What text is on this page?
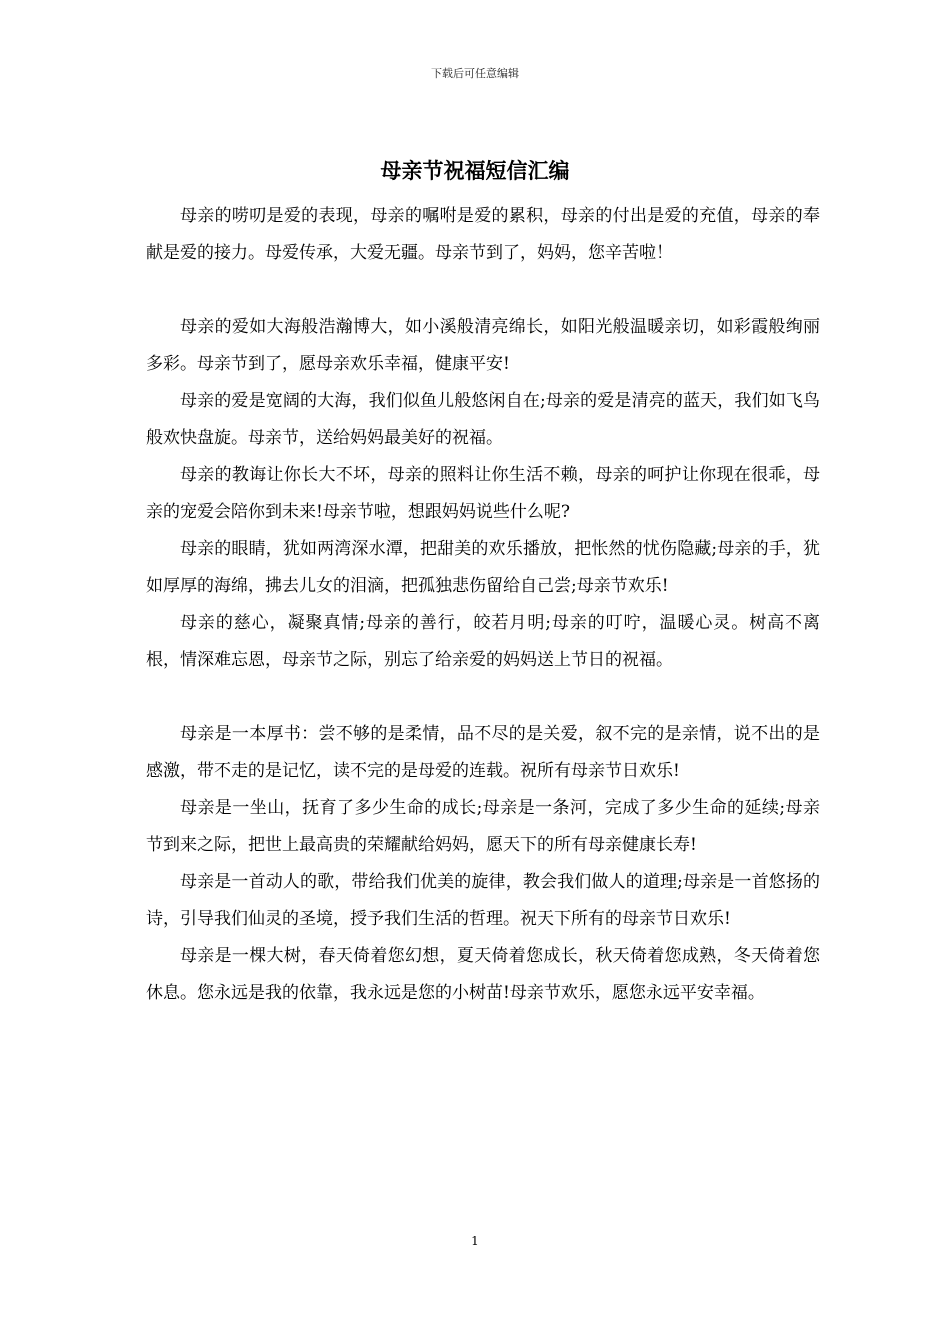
下载后可任意编辑
母亲节祝福短信汇编

母亲的唠叨是爱的表现，母亲的嘱咐是爱的累积，母亲的付出是爱的充值，母亲的奉献是爱的接力。母爱传承，大爱无疆。母亲节到了，妈妈，您辛苦啦！

母亲的爱如大海般浩瀚博大，如小溪般清亮绵长，如阳光般温暖亲切，如彩霞般绚丽多彩。母亲节到了，愿母亲欢乐幸福，健康平安!

母亲的爱是宽阔的大海，我们似鱼儿般悠闲自在;母亲的爱是清亮的蓝天，我们如飞鸟般欢快盘旋。母亲节，送给妈妈最美好的祝福。

母亲的教诲让你长大不坏，母亲的照料让你生活不赖，母亲的呵护让你现在很乖，母亲的宠爱会陪你到未来!母亲节啦，想跟妈妈说些什么呢?

母亲的眼睛，犹如两湾深水潭，把甜美的欢乐播放，把怅然的忧伤隐藏;母亲的手，犹如厚厚的海绵，拂去儿女的泪滴，把孤独悲伤留给自己尝;母亲节欢乐!

母亲的慈心，凝聚真情;母亲的善行，皎若月明;母亲的叮咛，温暖心灵。树高不离根，情深难忘恩，母亲节之际，别忘了给亲爱的妈妈送上节日的祝福。

母亲是一本厚书：尝不够的是柔情，品不尽的是关爱，叙不完的是亲情，说不出的是感激，带不走的是记忆，读不完的是母爱的连载。祝所有母亲节日欢乐!

母亲是一坐山，抚育了多少生命的成长;母亲是一条河，完成了多少生命的延续;母亲节到来之际，把世上最高贵的荣耀献给妈妈，愿天下的所有母亲健康长寿!

母亲是一首动人的歌，带给我们优美的旋律，教会我们做人的道理;母亲是一首悠扬的诗，引导我们仙灵的圣境，授予我们生活的哲理。祝天下所有的母亲节日欢乐!

母亲是一棵大树，春天倚着您幻想，夏天倚着您成长，秋天倚着您成熟，冬天倚着您休息。您永远是我的依靠，我永远是您的小树苗!母亲节欢乐，愿您永远平安幸福。

1
